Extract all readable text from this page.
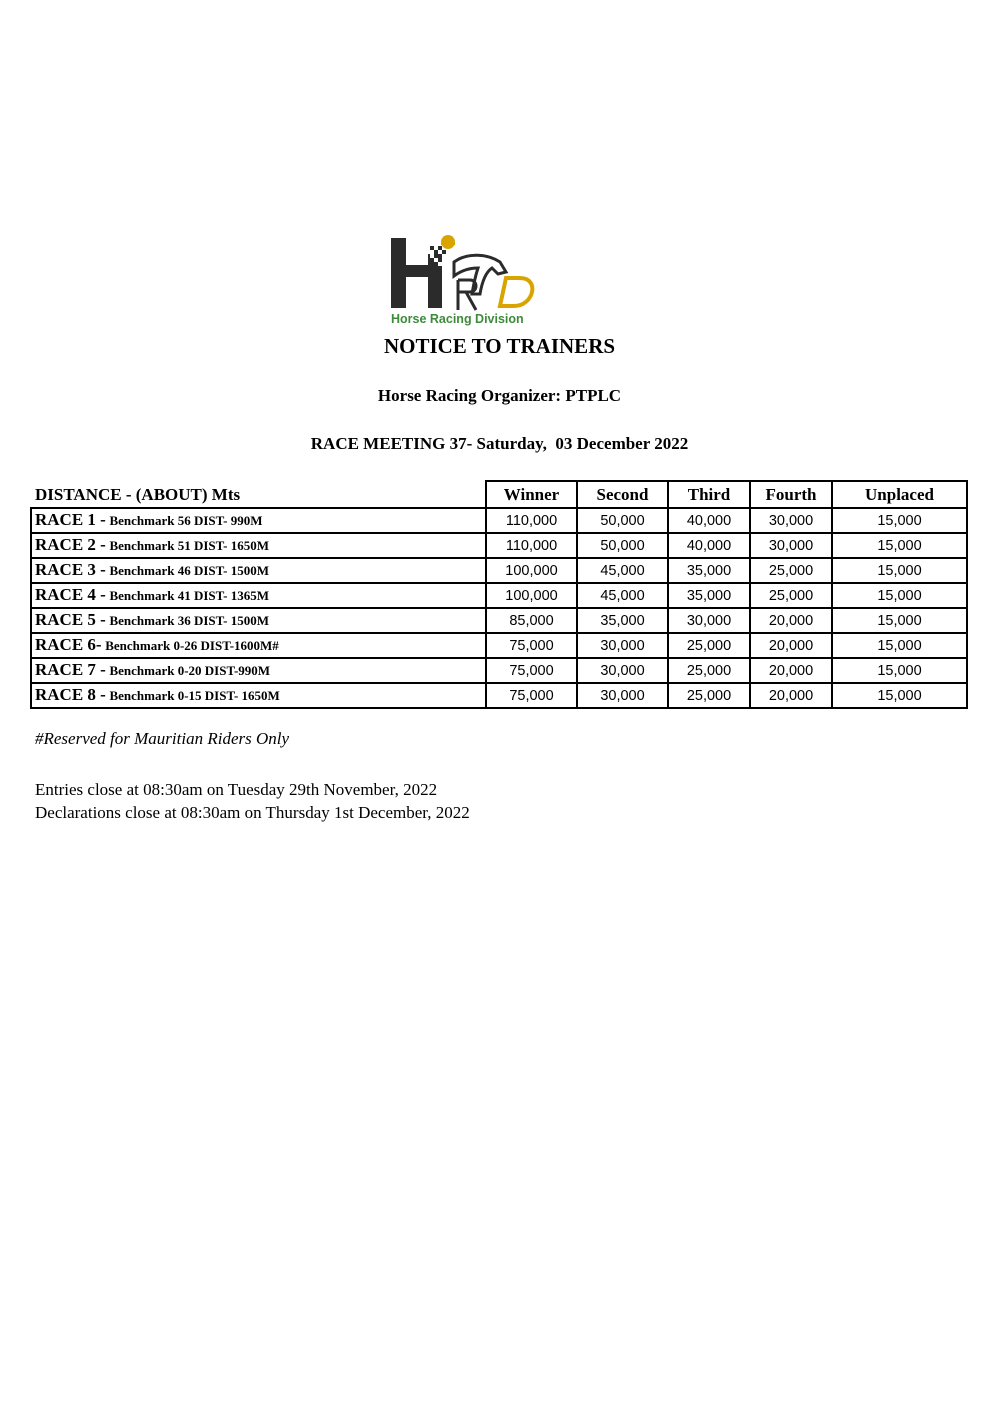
Horse Racing Division
NOTICE TO TRAINERS
Horse Racing Organizer: PTPLC
RACE MEETING 37- Saturday,  03 December 2022
DISTANCE - (ABOUT) Mts	Winner	Second	Third	Fourth	Unplaced
RACE 1 - Benchmark 56 DIST- 990M	110,000	50,000	40,000	30,000	15,000
RACE 2 - Benchmark 51 DIST- 1650M	110,000	50,000	40,000	30,000	15,000
RACE 3 - Benchmark 46 DIST- 1500M	100,000	45,000	35,000	25,000	15,000
RACE 4 - Benchmark 41 DIST- 1365M	100,000	45,000	35,000	25,000	15,000
RACE 5 - Benchmark 36 DIST- 1500M	85,000	35,000	30,000	20,000	15,000
RACE 6- Benchmark 0-26 DIST-1600M#	75,000	30,000	25,000	20,000	15,000
RACE 7 - Benchmark 0-20 DIST-990M	75,000	30,000	25,000	20,000	15,000
RACE 8 - Benchmark 0-15 DIST- 1650M	75,000	30,000	25,000	20,000	15,000
#Reserved for Mauritian Riders Only
Entries close at 08:30am on Tuesday 29th November, 2022
Declarations close at 08:30am on Thursday 1st December, 2022
